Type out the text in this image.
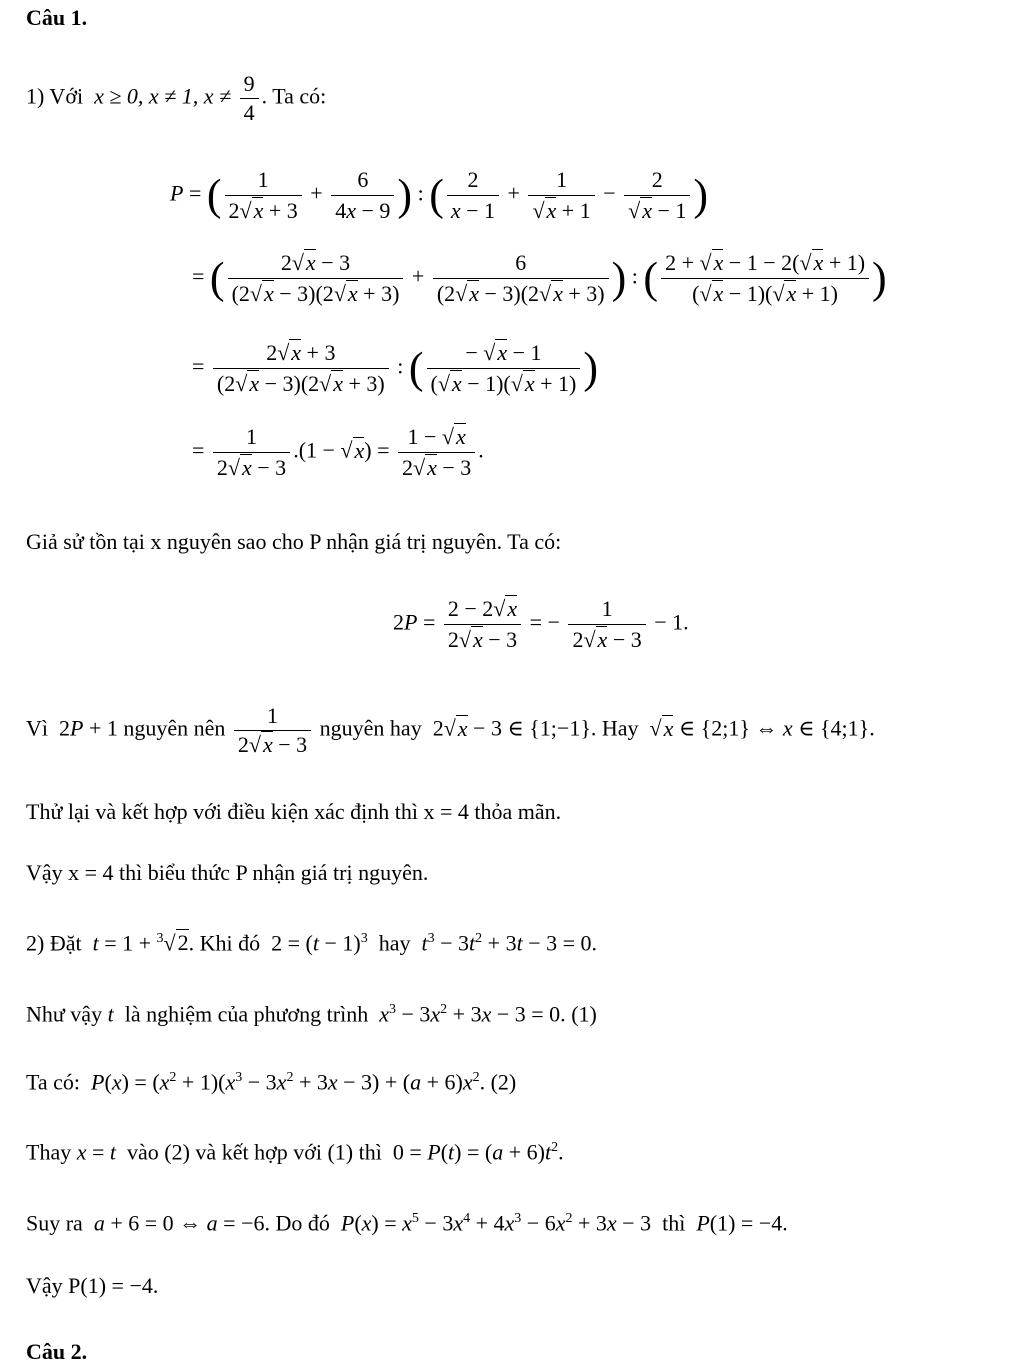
Câu 1.
1) Với  x ≥ 0, x ≠ 1, $x \ne \frac{9}{4}$ . Ta có:
P = ( $\frac{1}{2√x + 3} + \frac{6}{4x - 9}$ ) : ( $\frac{2}{x - 1} + \frac{1}{√x + 1} - \frac{2}{√x - 1}$ )
= ( $\frac{2√x - 3}{(2√x - 3)(2√x + 3)} + \frac{6}{(2√x - 3)(2√x + 3)}$ ) : ( $\frac{2 + √x - 1 - 2(√x + 1)}{(√x - 1)(√x + 1)}$ )
= $\frac{2√x + 3}{(2√x - 3)(2√x + 3)}$ : ( $\frac{- √x - 1}{(√x - 1)(√x + 1)}$ )
= $\frac{1}{2√x - 3} .(1 - √x) = \frac{1 - √x}{2√x - 3}$ .
Giả sử tồn tại x nguyên sao cho P nhận giá trị nguyên. Ta có:
$2P = \frac{2 - 2√x}{2√x - 3}$ = − $\frac{1}{2√x - 3} - 1$.
Vì  2P + 1 nguyên nên $\frac{1}{2√x - 3}$ nguyên hay  2√x − 3 ∈ {1;−1}. Hay √x ∈ {2;1} ⇔ x ∈ {4;1}.
Thử lại và kết hợp với điều kiện xác định thì x = 4 thỏa mãn.
Vậy x = 4 thì biểu thức P nhận giá trị nguyên.
2) Đặt t = 1 + $^3$√2. Khi đó  $2 = (t - 1)^3$ hay $t^3 - 3t^2 + 3t - 3 = 0$.
Như vậy t là nghiệm của phương trình $x^3 - 3x^2 + 3x - 3 = 0$. (1)
Ta có: $P(x) = (x^2 + 1)(x^3 - 3x^2 + 3x - 3) + (a + 6)x^2$. (2)
Thay x = t vào (2) và kết hợp với (1) thì  $0 = P(t) = (a + 6)t^2$.
Suy ra a + 6 = 0 ⇔ a = −6. Do đó $P(x) = x^5 - 3x^4 + 4x^3 - 6x^2 + 3x - 3$  thì P(1) = −4.
Vậy P(1) = −4.
Câu 2.
